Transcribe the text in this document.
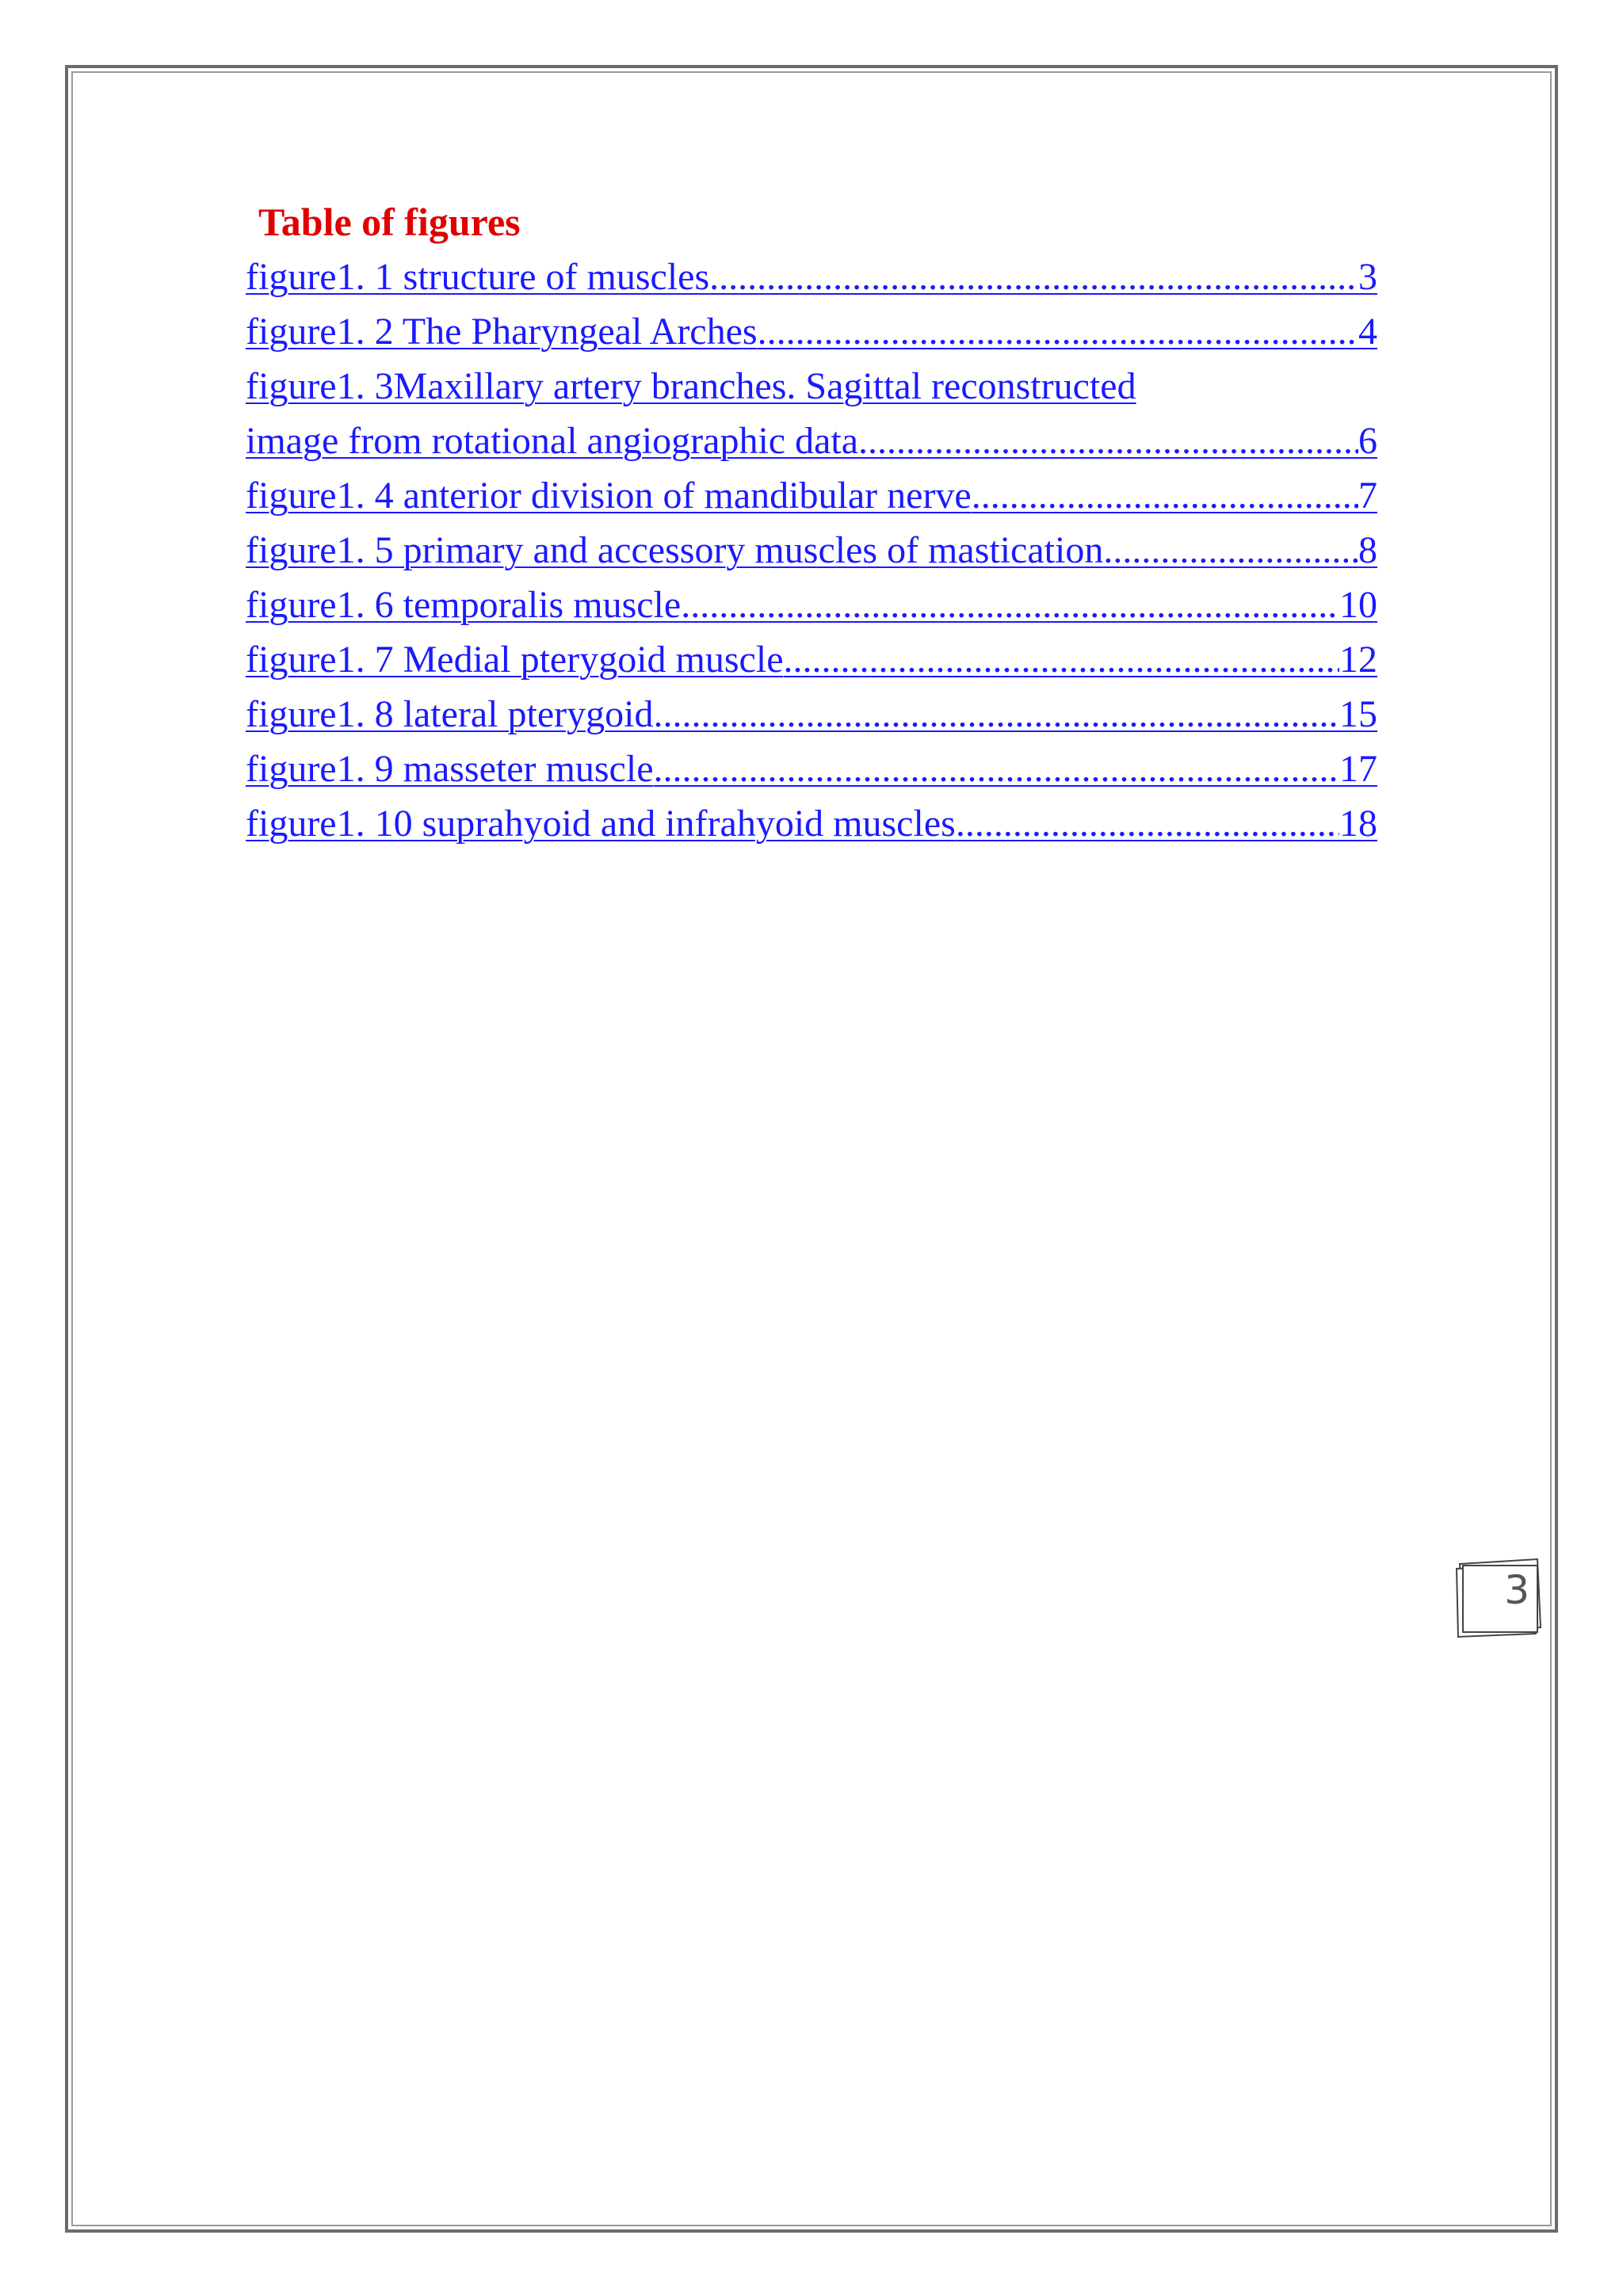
Table of figures
figure1. 1 structure of muscles .....	3
figure1. 2 The Pharyngeal Arches .....	4
figure1. 3Maxillary artery branches. Sagittal reconstructed
image from rotational angiographic data .....	6
figure1. 4 anterior division of mandibular nerve .....	7
figure1. 5 primary and accessory muscles of mastication .....	8
figure1. 6 temporalis muscle .....	10
figure1. 7 Medial pterygoid muscle .....	12
figure1. 8 lateral pterygoid .....	15
figure1. 9 masseter muscle .....	17
figure1. 10 suprahyoid and infrahyoid muscles .....	18
3
